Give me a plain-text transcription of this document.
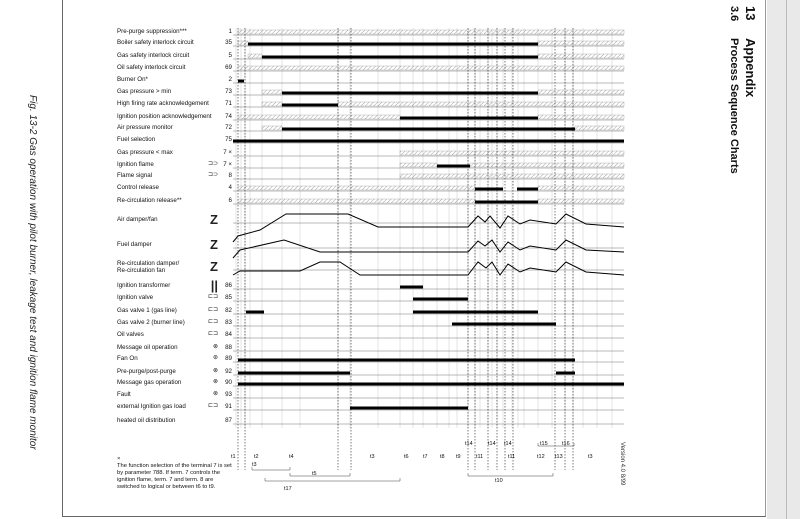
13
Appendix
3.6
Process Sequence Charts
Fig. 13-2 Gas operation with pilot burner, leakage test and ignition flame monitor
Version 4.0 8/99
Pre-purge suppression***	1
Boiler safety interlock circuit	35
Gas safety interlock circuit	5
Oil safety interlock circuit	69
Burner On*	2
Gas pressure > min	73
High firing rate acknowledgement	71
Ignition position acknowledgement	74
Air pressure monitor	72
Fuel selection	75
Gas pressure < max	7 ×
Ignition flame	⊐⊃ 7 ×
Flame signal	⊐⊃	8
Control release	4
Re-circulation release**	6
Air damper/fan	Z
Fuel damper	Z
Re-circulation damper/
Re-circulation fan	Z
Ignition transformer	||	86
Ignition valve	⊏⊐	85
Gas valve 1 (gas line)	⊏⊐	82
Gas valve 2 (burner line)	⊏⊐	83
Oil valves	⊏⊐	84
Message oil operation	⊗	88
Fan On	⊛	89
Pre-purge/post-purge	⊗	92
Message gas operation	⊗	90
Fault	⊗	93
external Ignition gas load	⊏⊐	91
heated oil distribution	87
t1	t2	t4	t3	t6	t7 t8 t9	t11	t11	t12 t13	t3
t14	t14 t14	t15	t16
t3
t5
t17
t10
×
The function selection of the terminal 7 is set by parameter 788. If term. 7 controls the ignition flame, term. 7 and term. 8 are switched to logical or between t6 to t9.
